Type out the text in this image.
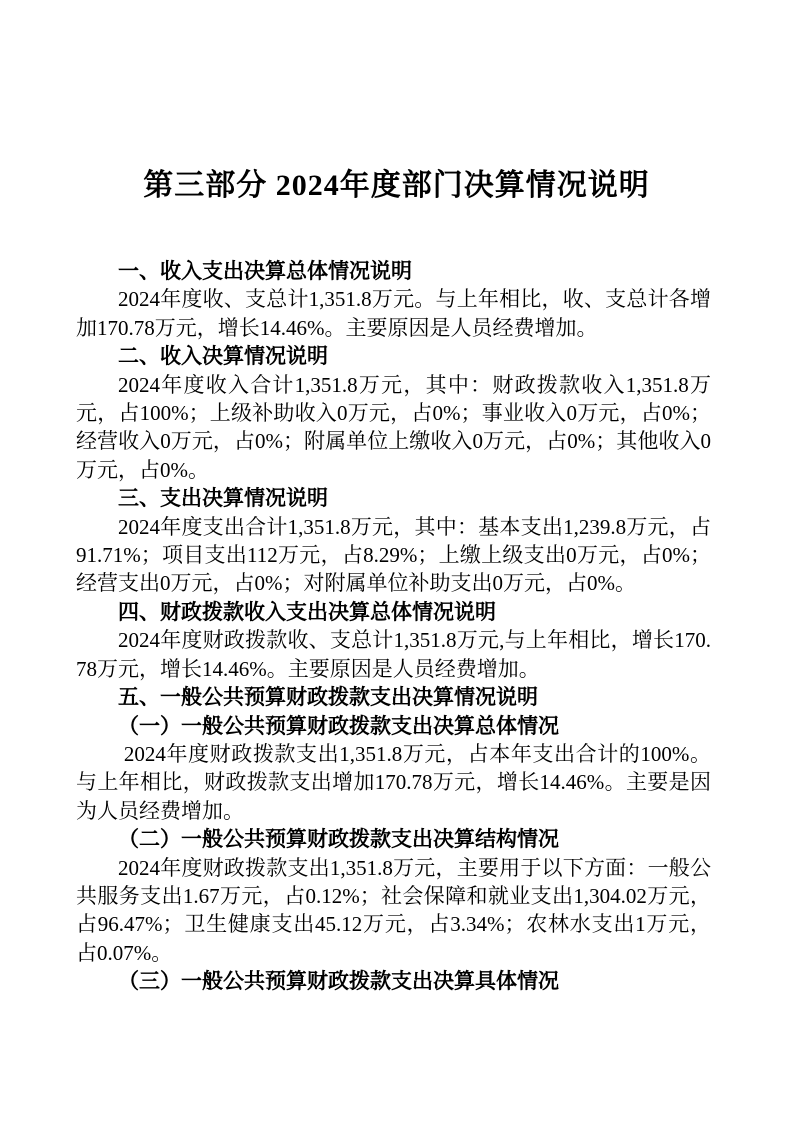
第三部分 2024年度部门决算情况说明
一、收入支出决算总体情况说明

2024年度收、支总计1,351.8万元。与上年相比，收、支总计各增加170.78万元，增长14.46%。主要原因是人员经费增加。

二、收入决算情况说明

2024年度收入合计1,351.8万元，其中：财政拨款收入1,351.8万元，占100%；上级补助收入0万元，占0%；事业收入0万元，占0%；经营收入0万元，占0%；附属单位上缴收入0万元，占0%；其他收入0万元，占0%。

三、支出决算情况说明

2024年度支出合计1,351.8万元，其中：基本支出1,239.8万元，占91.71%；项目支出112万元，占8.29%；上缴上级支出0万元，占0%；经营支出0万元，占0%；对附属单位补助支出0万元，占0%。

四、财政拨款收入支出决算总体情况说明

2024年度财政拨款收、支总计1,351.8万元,与上年相比，增长170.78万元，增长14.46%。主要原因是人员经费增加。

五、一般公共预算财政拨款支出决算情况说明
（一）一般公共预算财政拨款支出决算总体情况

2024年度财政拨款支出1,351.8万元，占本年支出合计的100%。与上年相比，财政拨款支出增加170.78万元，增长14.46%。主要是因为人员经费增加。

（二）一般公共预算财政拨款支出决算结构情况

2024年度财政拨款支出1,351.8万元，主要用于以下方面：一般公共服务支出1.67万元，占0.12%；社会保障和就业支出1,304.02万元，占96.47%；卫生健康支出45.12万元，占3.34%；农林水支出1万元，占0.07%。

（三）一般公共预算财政拨款支出决算具体情况
